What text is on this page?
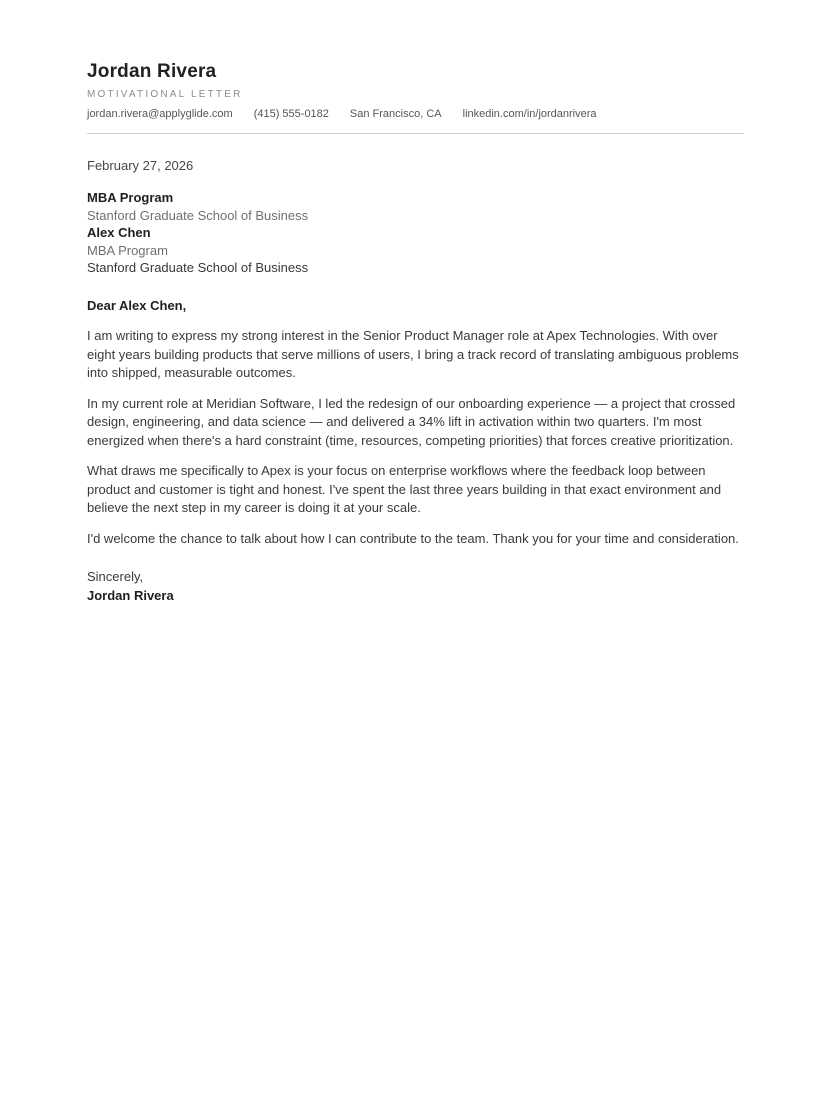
Jordan Rivera
MOTIVATIONAL LETTER
jordan.rivera@applyglide.com (415) 555-0182 San Francisco, CA linkedin.com/in/jordanrivera
February 27, 2026
MBA Program
Stanford Graduate School of Business
Alex Chen
MBA Program
Stanford Graduate School of Business

Dear Alex Chen,

I am writing to express my strong interest in the Senior Product Manager role at Apex Technologies. With over eight years building products that serve millions of users, I bring a track record of translating ambiguous problems into shipped, measurable outcomes.

In my current role at Meridian Software, I led the redesign of our onboarding experience — a project that crossed design, engineering, and data science — and delivered a 34% lift in activation within two quarters. I'm most energized when there's a hard constraint (time, resources, competing priorities) that forces creative prioritization.

What draws me specifically to Apex is your focus on enterprise workflows where the feedback loop between product and customer is tight and honest. I've spent the last three years building in that exact environment and believe the next step in my career is doing it at your scale.

I'd welcome the chance to talk about how I can contribute to the team. Thank you for your time and consideration.

Sincerely,
Jordan Rivera
